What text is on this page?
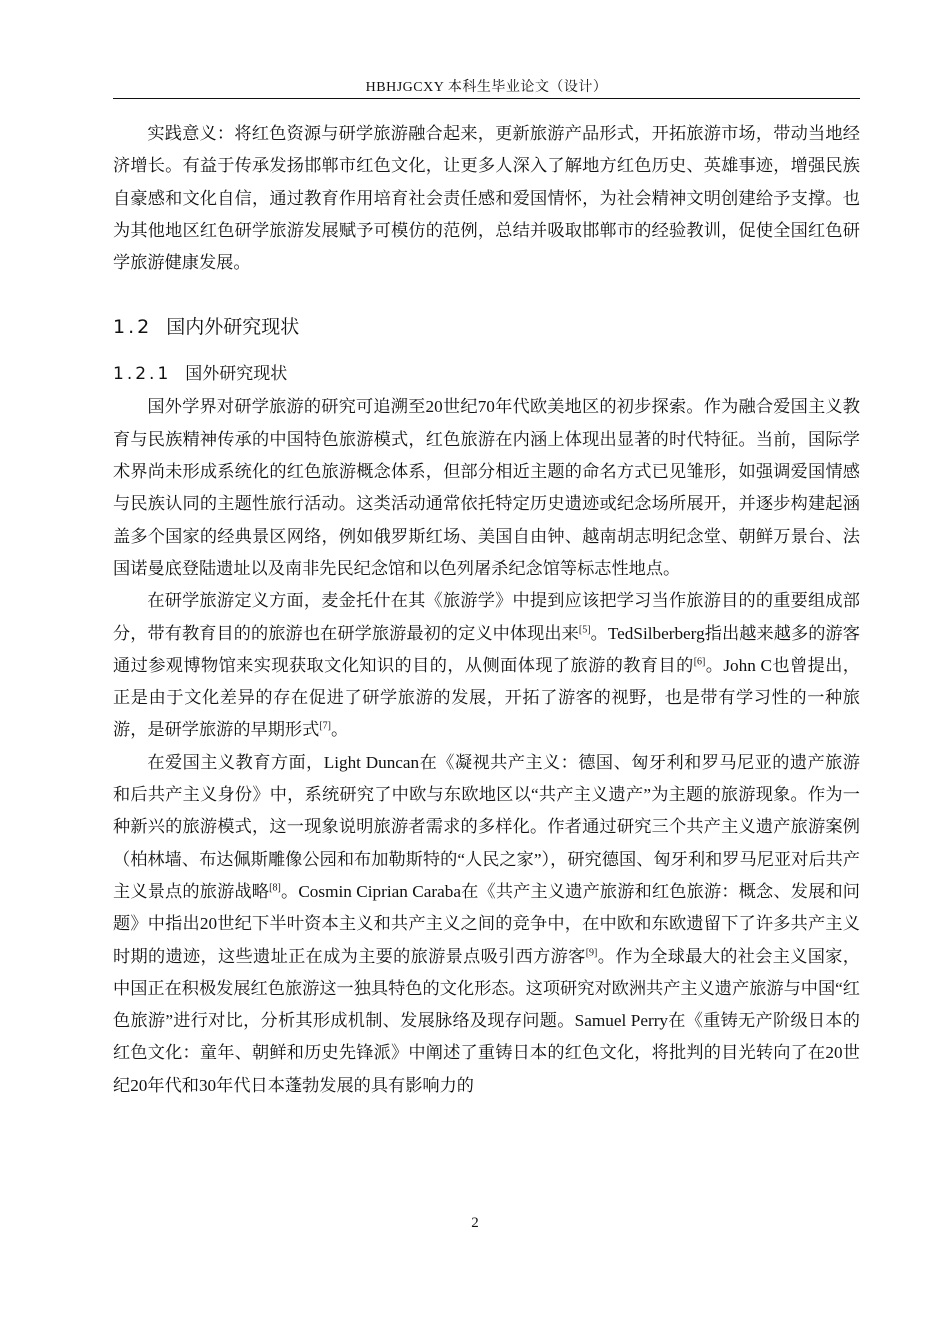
HBHJGCXY 本科生毕业论文（设计）

实践意义：将红色资源与研学旅游融合起来，更新旅游产品形式，开拓旅游市场，带动当地经济增长。有益于传承发扬邯郸市红色文化，让更多人深入了解地方红色历史、英雄事迹，增强民族自豪感和文化自信，通过教育作用培育社会责任感和爱国情怀，为社会精神文明创建给予支撑。也为其他地区红色研学旅游发展赋予可模仿的范例，总结并吸取邯郸市的经验教训，促使全国红色研学旅游健康发展。

1.2 国内外研究现状
1.2.1 国外研究现状

国外学界对研学旅游的研究可追溯至20世纪70年代欧美地区的初步探索。作为融合爱国主义教育与民族精神传承的中国特色旅游模式，红色旅游在内涵上体现出显著的时代特征。当前，国际学术界尚未形成系统化的红色旅游概念体系，但部分相近主题的命名方式已见雏形，如强调爱国情感与民族认同的主题性旅行活动。这类活动通常依托特定历史遗迹或纪念场所展开，并逐步构建起涵盖多个国家的经典景区网络，例如俄罗斯红场、美国自由钟、越南胡志明纪念堂、朝鲜万景台、法国诺曼底登陆遗址以及南非先民纪念馆和以色列屠杀纪念馆等标志性地点。

在研学旅游定义方面，麦金托什在其《旅游学》中提到应该把学习当作旅游目的的重要组成部分，带有教育目的的旅游也在研学旅游最初的定义中体现出来[5]。TedSilberberg指出越来越多的游客通过参观博物馆来实现获取文化知识的目的，从侧面体现了旅游的教育目的[6]。John C也曾提出，正是由于文化差异的存在促进了研学旅游的发展，开拓了游客的视野，也是带有学习性的一种旅游，是研学旅游的早期形式[7]。

在爱国主义教育方面，Light Duncan在《凝视共产主义：德国、匈牙利和罗马尼亚的遗产旅游和后共产主义身份》中，系统研究了中欧与东欧地区以“共产主义遗产”为主题的旅游现象。作为一种新兴的旅游模式，这一现象说明旅游者需求的多样化。作者通过研究三个共产主义遗产旅游案例（柏林墙、布达佩斯雕像公园和布加勒斯特的“人民之家”），研究德国、匈牙利和罗马尼亚对后共产主义景点的旅游战略[8]。Cosmin Ciprian Caraba在《共产主义遗产旅游和红色旅游：概念、发展和问题》中指出20世纪下半叶资本主义和共产主义之间的竞争中，在中欧和东欧遗留下了许多共产主义时期的遗迹，这些遗址正在成为主要的旅游景点吸引西方游客[9]。作为全球最大的社会主义国家，中国正在积极发展红色旅游这一独具特色的文化形态。这项研究对欧洲共产主义遗产旅游与中国“红色旅游”进行对比，分析其形成机制、发展脉络及现存问题。Samuel Perry在《重铸无产阶级日本的红色文化：童年、朝鲜和历史先锋派》中阐述了重铸日本的红色文化，将批判的目光转向了在20世纪20年代和30年代日本蓬勃发展的具有影响力的

2
